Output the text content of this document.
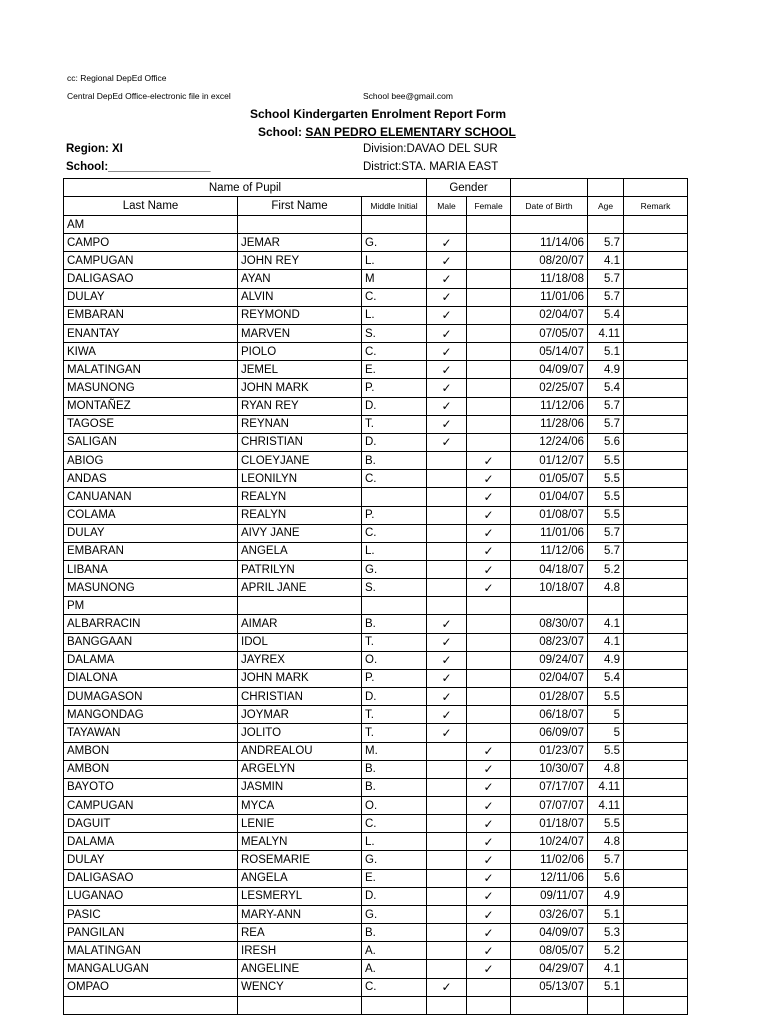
cc: Regional DepEd Office
Central DepEd Office-electronic file in excel	School bee@gmail.com
School Kindergarten Enrolment Report Form
School: SAN PEDRO ELEMENTARY SCHOOL
Region: XI	Division:DAVAO DEL SUR
School:________________	District:STA. MARIA EAST
Name of Pupil			Gender				
Last Name	First Name	Middle Initial	Male	Female	Date of Birth	Age	Remark
AM							
CAMPO	JEMAR	G.	✓		11/14/06	5.7	
CAMPUGAN	JOHN REY	L.	✓		08/20/07	4.1	
DALIGASAO	AYAN	M	✓		11/18/08	5.7	
DULAY	ALVIN	C.	✓		11/01/06	5.7	
EMBARAN	REYMOND	L.	✓		02/04/07	5.4	
ENANTAY	MARVEN	S.	✓		07/05/07	4.11	
KIWA	PIOLO	C.	✓		05/14/07	5.1	
MALATINGAN	JEMEL	E.	✓		04/09/07	4.9	
MASUNONG	JOHN MARK	P.	✓		02/25/07	5.4	
MONTAÑEZ	RYAN REY	D.	✓		11/12/06	5.7	
TAGOSE	REYNAN	T.	✓		11/28/06	5.7	
SALIGAN	CHRISTIAN	D.	✓		12/24/06	5.6	
ABIOG	CLOEYJANE	B.		✓	01/12/07	5.5	
ANDAS	LEONILYN	C.		✓	01/05/07	5.5	
CANUANAN	REALYN			✓	01/04/07	5.5	
COLAMA	REALYN	P.		✓	01/08/07	5.5	
DULAY	AIVY JANE	C.		✓	11/01/06	5.7	
EMBARAN	ANGELA	L.		✓	11/12/06	5.7	
LIBANA	PATRILYN	G.		✓	04/18/07	5.2	
MASUNONG	APRIL JANE	S.		✓	10/18/07	4.8	
PM							
ALBARRACIN	AIMAR	B.	✓		08/30/07	4.1	
BANGGAAN	IDOL	T.	✓		08/23/07	4.1	
DALAMA	JAYREX	O.	✓		09/24/07	4.9	
DIALONA	JOHN MARK	P.	✓		02/04/07	5.4	
DUMAGASON	CHRISTIAN	D.	✓		01/28/07	5.5	
MANGONDAG	JOYMAR	T.	✓		06/18/07	5	
TAYAWAN	JOLITO	T.	✓		06/09/07	5	
AMBON	ANDREALOU	M.		✓	01/23/07	5.5	
AMBON	ARGELYN	B.		✓	10/30/07	4.8	
BAYOTO	JASMIN	B.		✓	07/17/07	4.11	
CAMPUGAN	MYCA	O.		✓	07/07/07	4.11	
DAGUIT	LENIE	C.		✓	01/18/07	5.5	
DALAMA	MEALYN	L.		✓	10/24/07	4.8	
DULAY	ROSEMARIE	G.		✓	11/02/06	5.7	
DALIGASAO	ANGELA	E.		✓	12/11/06	5.6	
LUGANAO	LESMERYL	D.		✓	09/11/07	4.9	
PASIC	MARY-ANN	G.		✓	03/26/07	5.1	
PANGILAN	REA	B.		✓	04/09/07	5.3	
MALATINGAN	IRESH	A.		✓	08/05/07	5.2	
MANGALUGAN	ANGELINE	A.		✓	04/29/07	4.1	
OMPAO	WENCY	C.	✓		05/13/07	5.1	
